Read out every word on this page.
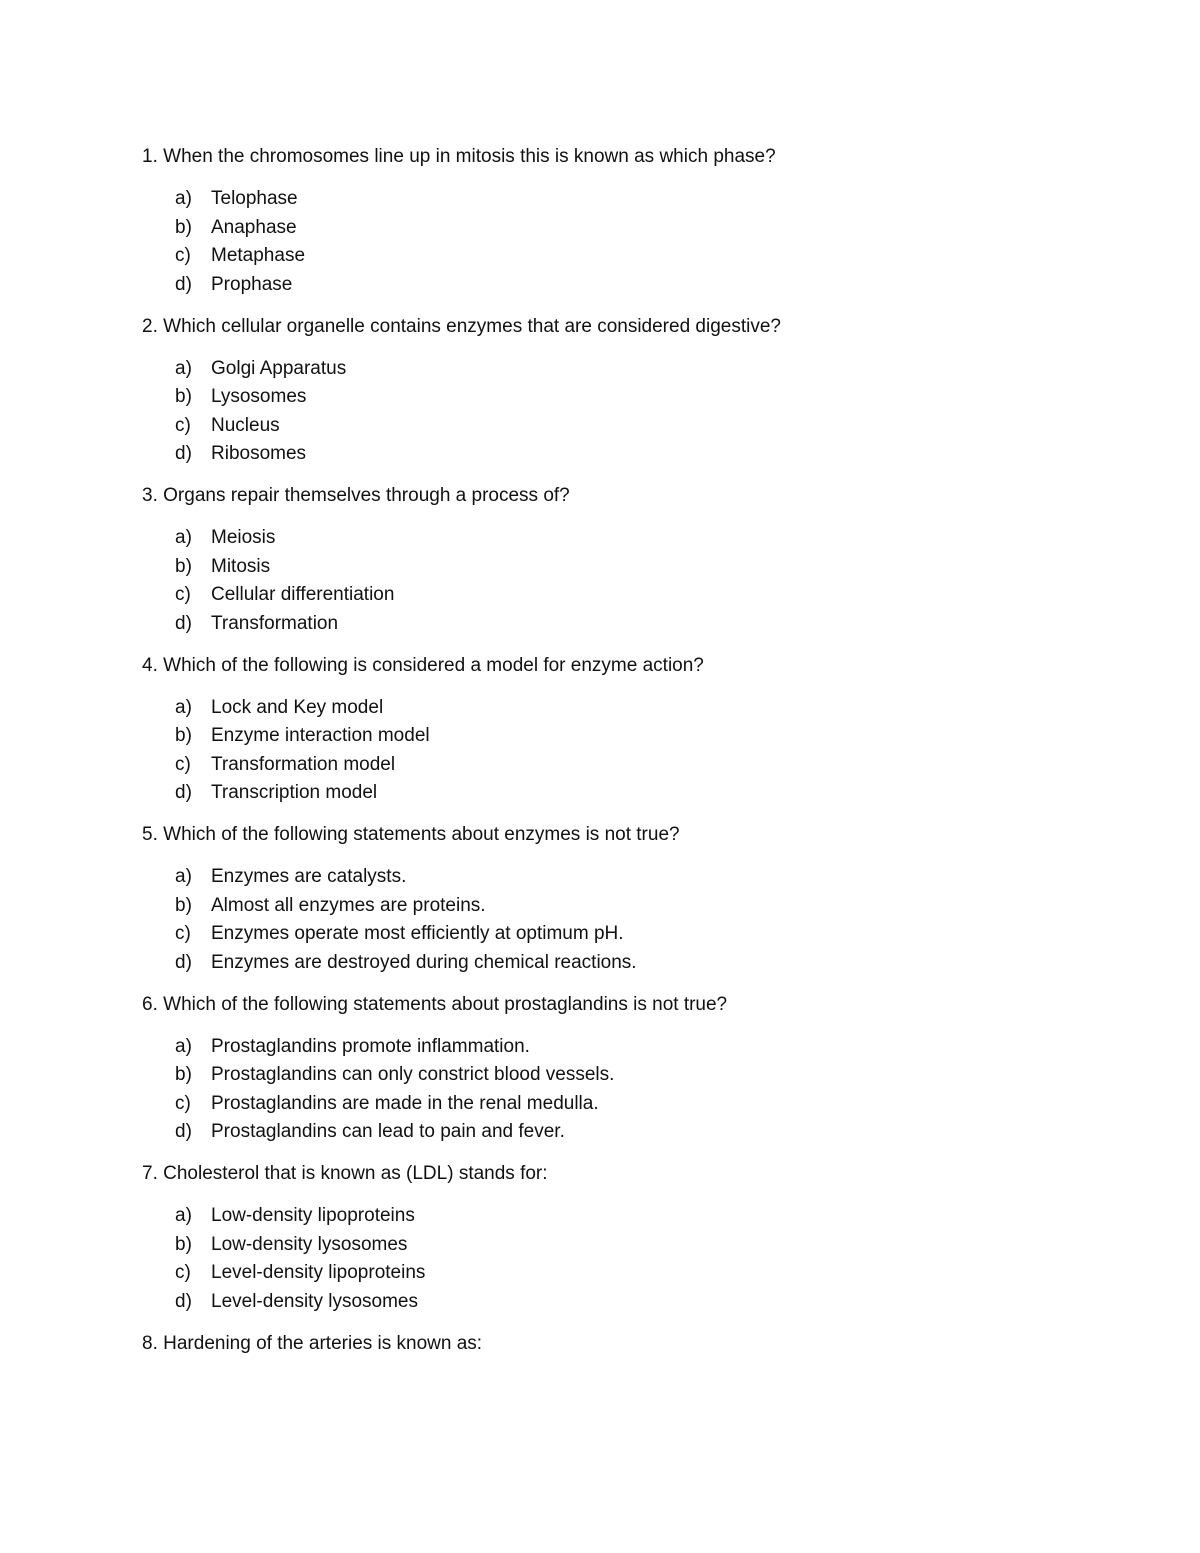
1. When the chromosomes line up in mitosis this is known as which phase?
a)	Telophase
b)	Anaphase
c)	Metaphase
d)	Prophase
2. Which cellular organelle contains enzymes that are considered digestive?
a)	Golgi Apparatus
b)	Lysosomes
c)	Nucleus
d)	Ribosomes
3. Organs repair themselves through a process of?
a)	Meiosis
b)	Mitosis
c)	Cellular differentiation
d)	Transformation
4. Which of the following is considered a model for enzyme action?
a)	Lock and Key model
b)	Enzyme interaction model
c)	Transformation model
d)	Transcription model
5. Which of the following statements about enzymes is not true?
a)	Enzymes are catalysts.
b)	Almost all enzymes are proteins.
c)	Enzymes operate most efficiently at optimum pH.
d)	Enzymes are destroyed during chemical reactions.
6. Which of the following statements about prostaglandins is not true?
a)	Prostaglandins promote inflammation.
b)	Prostaglandins can only constrict blood vessels.
c)	Prostaglandins are made in the renal medulla.
d)	Prostaglandins can lead to pain and fever.
7. Cholesterol that is known as (LDL) stands for:
a)	Low-density lipoproteins
b)	Low-density lysosomes
c)	Level-density lipoproteins
d)	Level-density lysosomes
8. Hardening of the arteries is known as:
